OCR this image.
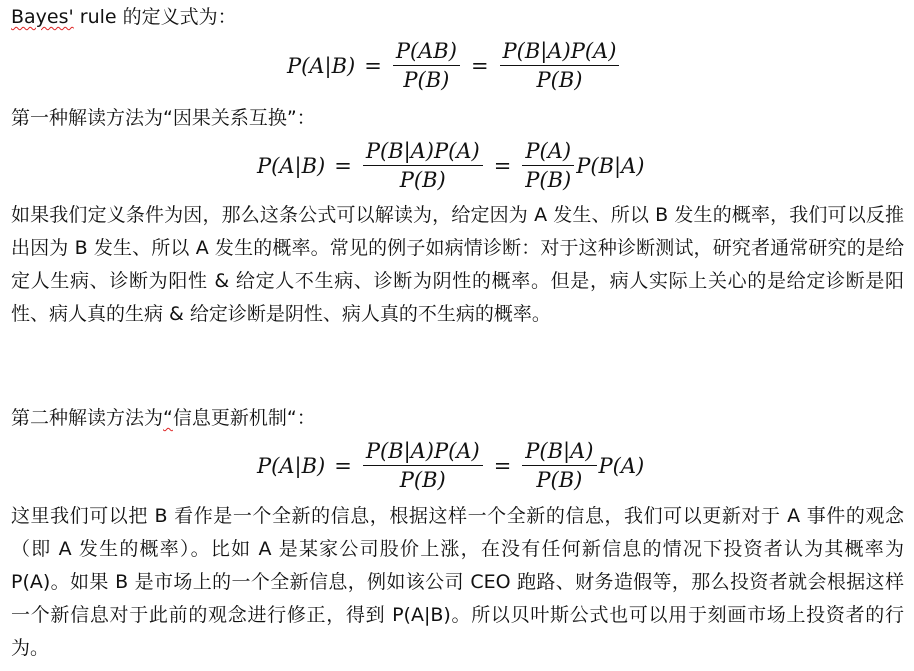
Bayes' rule 的定义式为：
$P(A|B) = \frac{P(AB)}{P(B)} = \frac{P(B|A)P(A)}{P(B)}$
第一种解读方法为“因果关系互换”：
$P(A|B) = \frac{P(B|A)P(A)}{P(B)} = \frac{P(A)}{P(B)} P(B|A)$
如果我们定义条件为因，那么这条公式可以解读为，给定因为 A 发生、所以 B 发生的概率，我们可以反推出因为 B 发生、所以 A 发生的概率。常见的例子如病情诊断：对于这种诊断测试，研究者通常研究的是给定人生病、诊断为阳性 & 给定人不生病、诊断为阴性的概率。但是，病人实际上关心的是给定诊断是阳性、病人真的生病 & 给定诊断是阴性、病人真的不生病的概率。
第二种解读方法为“信息更新机制“：
$P(A|B) = \frac{P(B|A)P(A)}{P(B)} = \frac{P(B|A)}{P(B)} P(A)$
这里我们可以把 B 看作是一个全新的信息，根据这样一个全新的信息，我们可以更新对于 A 事件的观念（即 A 发生的概率）。比如 A 是某家公司股价上涨，在没有任何新信息的情况下投资者认为其概率为 P(A)。如果 B 是市场上的一个全新信息，例如该公司 CEO 跑路、财务造假等，那么投资者就会根据这样一个新信息对于此前的观念进行修正，得到 P(A|B)。所以贝叶斯公式也可以用于刻画市场上投资者的行为。
